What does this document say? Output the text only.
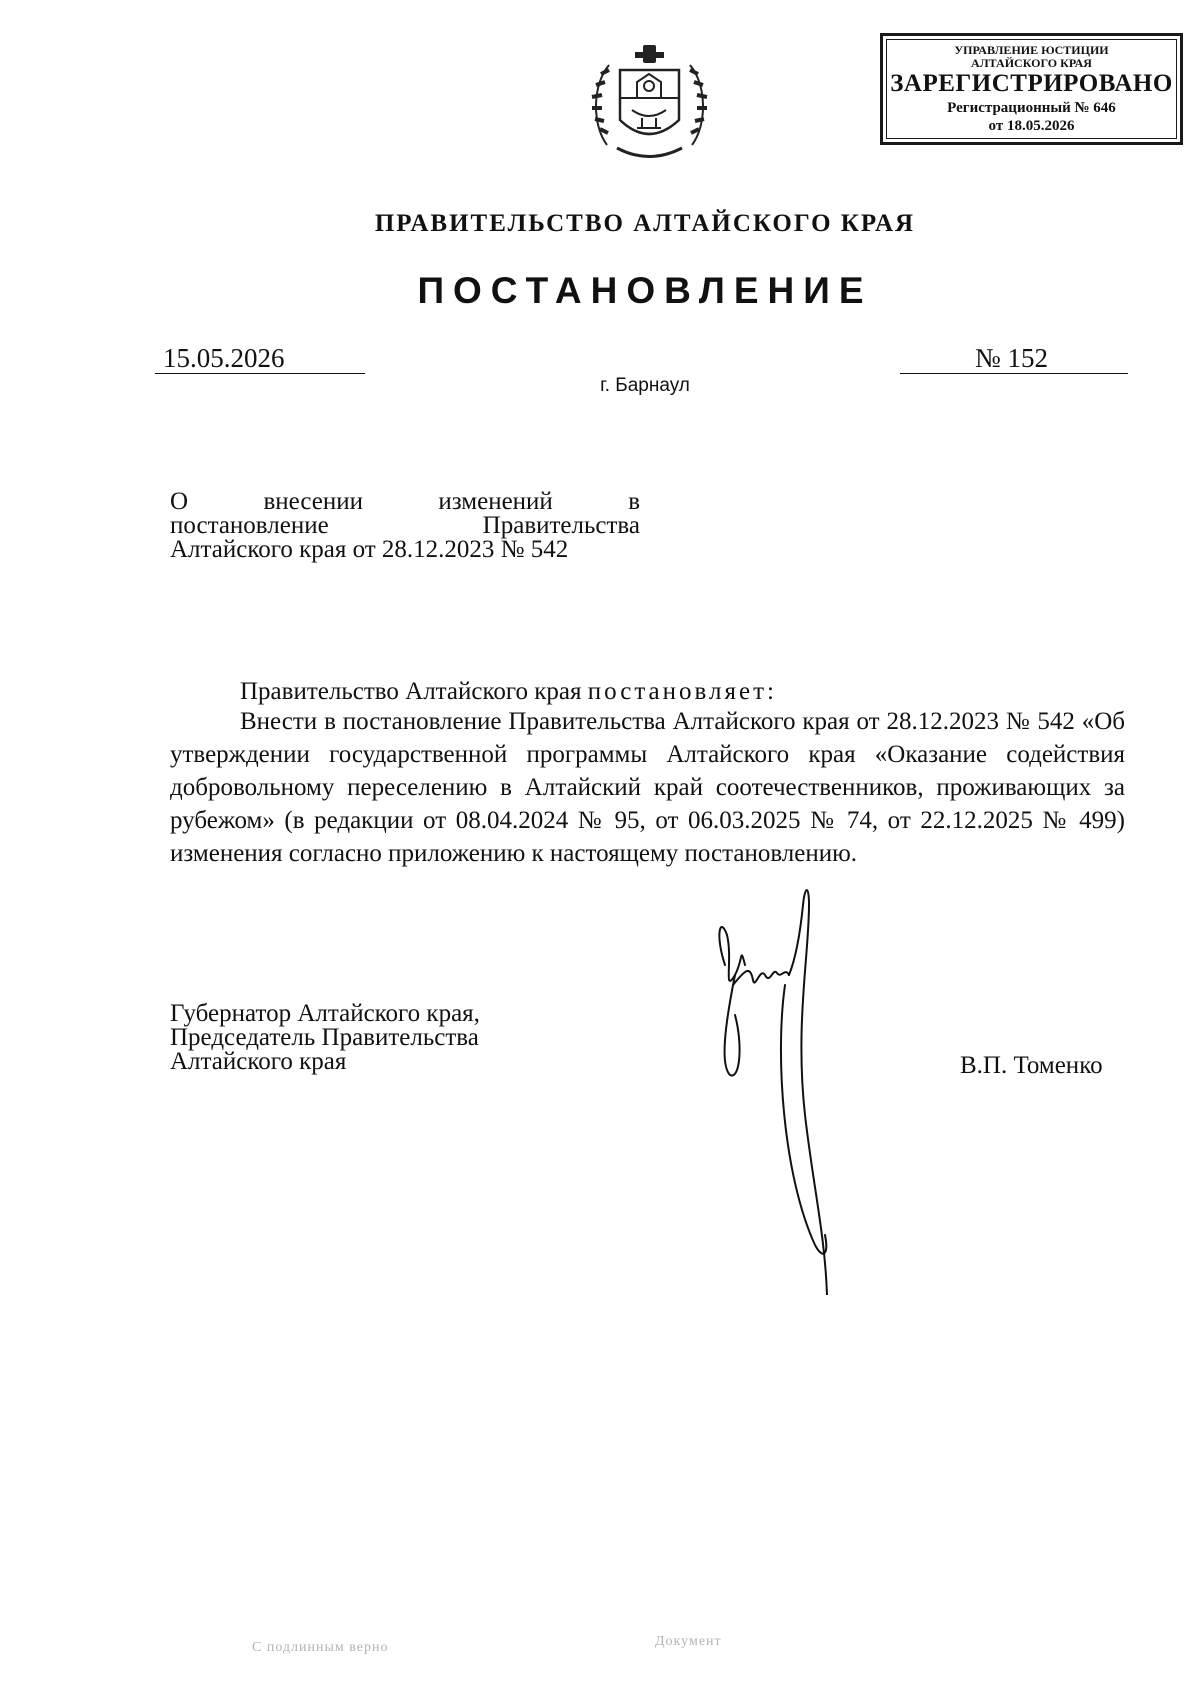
УПРАВЛЕНИЕ ЮСТИЦИИ
АЛТАЙСКОГО КРАЯ
ЗАРЕГИСТРИРОВАНО
Регистрационный № 646
от 18.05.2026
ПРАВИТЕЛЬСТВО АЛТАЙСКОГО КРАЯ
ПОСТАНОВЛЕНИЕ
15.05.2026	№ 152
г. Барнаул
О внесении изменений в
постановление Правительства
Алтайского края от 28.12.2023 № 542
Правительство Алтайского края постановляет:
Внести в постановление Правительства Алтайского края от 28.12.2023 № 542 «Об утверждении государственной программы Алтайского края «Оказание содействия добровольному переселению в Алтайский край соотечественников, проживающих за рубежом» (в редакции от 08.04.2024 № 95, от 06.03.2025 № 74, от 22.12.2025 № 499) изменения согласно приложению к настоящему постановлению.
Губернатор Алтайского края,
Председатель Правительства
Алтайского края	В.П. Томенко
С подлинным верно	Документ
